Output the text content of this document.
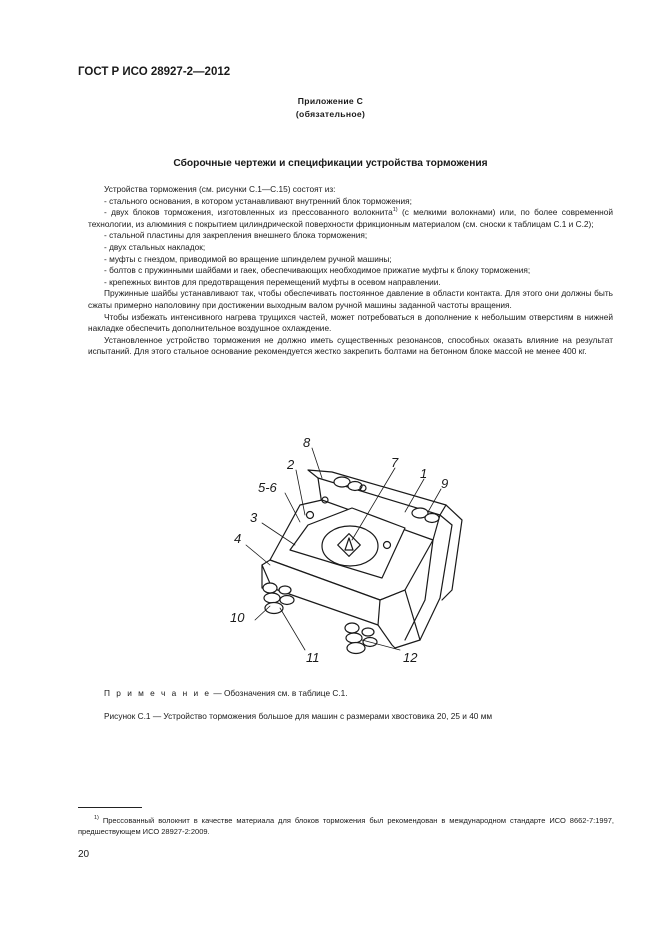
ГОСТ Р ИСО 28927-2—2012
Приложение С
(обязательное)
Сборочные чертежи и спецификации устройства торможения

Устройства торможения (см. рисунки С.1—С.15) состоят из:

- стального основания, в котором устанавливают внутренний блок торможения;

- двух блоков торможения, изготовленных из прессованного волокнита$^{1)}$ (с мелкими волокнами) или, по более современной технологии, из алюминия с покрытием цилиндрической поверхности фрикционным материалом (см. сноски к таблицам С.1 и С.2);

- стальной пластины для закрепления внешнего блока торможения;

- двух стальных накладок;

- муфты с гнездом, приводимой во вращение шпинделем ручной машины;

- болтов с пружинными шайбами и гаек, обеспечивающих необходимое прижатие муфты к блоку торможения;

- крепежных винтов для предотвращения перемещений муфты в осевом направлении.

Пружинные шайбы устанавливают так, чтобы обеспечивать постоянное давление в области контакта. Для этого они должны быть сжаты примерно наполовину при достижении выходным валом ручной машины заданной частоты вращения.

Чтобы избежать интенсивного нагрева трущихся частей, может потребоваться в дополнение к небольшим отверстиям в нижней накладке обеспечить дополнительное воздушное охлаждение.

Установленное устройство торможения не должно иметь существенных резонансов, способных оказать влияние на результат испытаний. Для этого стальное основание рекомендуется жестко закрепить болтами на бетонном блоке массой не менее 400 кг.

8
2	7
1
5-6	9
3
4
10
11	12
П р и м е ч а н и е — Обозначения см. в таблице С.1.
Рисунок С.1 — Устройство торможения большое для машин с размерами хвостовика 20, 25 и 40 мм

$^{1)}$ Прессованный волокнит в качестве материала для блоков торможения был рекомендован в международном стандарте ИСО 8662-7:1997, предшествующем ИСО 28927-2:2009.

20
